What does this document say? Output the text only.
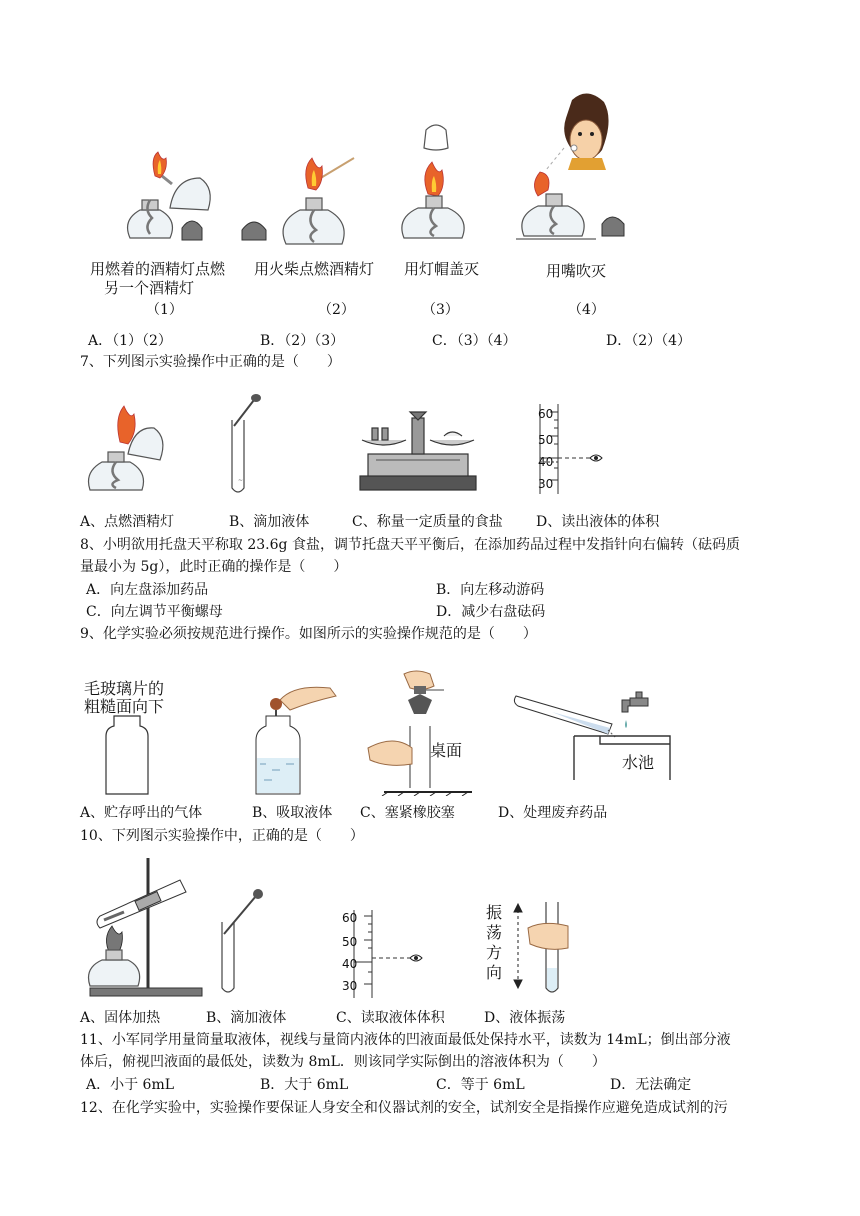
用燃着的酒精灯点燃
另一个酒精灯
用火柴点燃酒精灯 用灯帽盖灭	用嘴吹灭
（1）	（2）	（3）	（4）
A．（1）（2）	B．（2）（3）	C．（3）（4）	D．（2）（4）
7、下列图示实验操作中正确的是（　　）
~
60
50
40
30
A、点燃酒精灯	B、滴加液体	C、称量一定质量的食盐 D、读出液体的体积
8、小明欲用托盘天平称取 23.6g 食盐，调节托盘天平平衡后，在添加药品过程中发指针向右偏转（砝码质
量最小为 5g），此时正确的操作是（　　）
A．向左盘添加药品	B．向左移动游码
C．向左调节平衡螺母	D．减少右盘砝码
9、化学实验必须按规范进行操作。如图所示的实验操作规范的是（　　）
毛玻璃片的
粗糙面向下
桌面
水池
A、贮存呼出的气体	B、吸取液体 C、塞紧橡胶塞	D、处理废弃药品
10、下列图示实验操作中，正确的是（　　）
60
50
40
30
振
荡
方
向
A、固体加热	B、滴加液体	C、读取液体体积	D、液体振荡
11、小军同学用量筒量取液体，视线与量筒内液体的凹液面最低处保持水平，读数为 14mL；倒出部分液
体后，俯视凹液面的最低处，读数为 8mL．则该同学实际倒出的溶液体积为（　　）
A．小于 6mL	B．大于 6mL	C．等于 6mL	D．无法确定
12、在化学实验中，实验操作要保证人身安全和仪器试剂的安全，试剂安全是指操作应避免造成试剂的污
